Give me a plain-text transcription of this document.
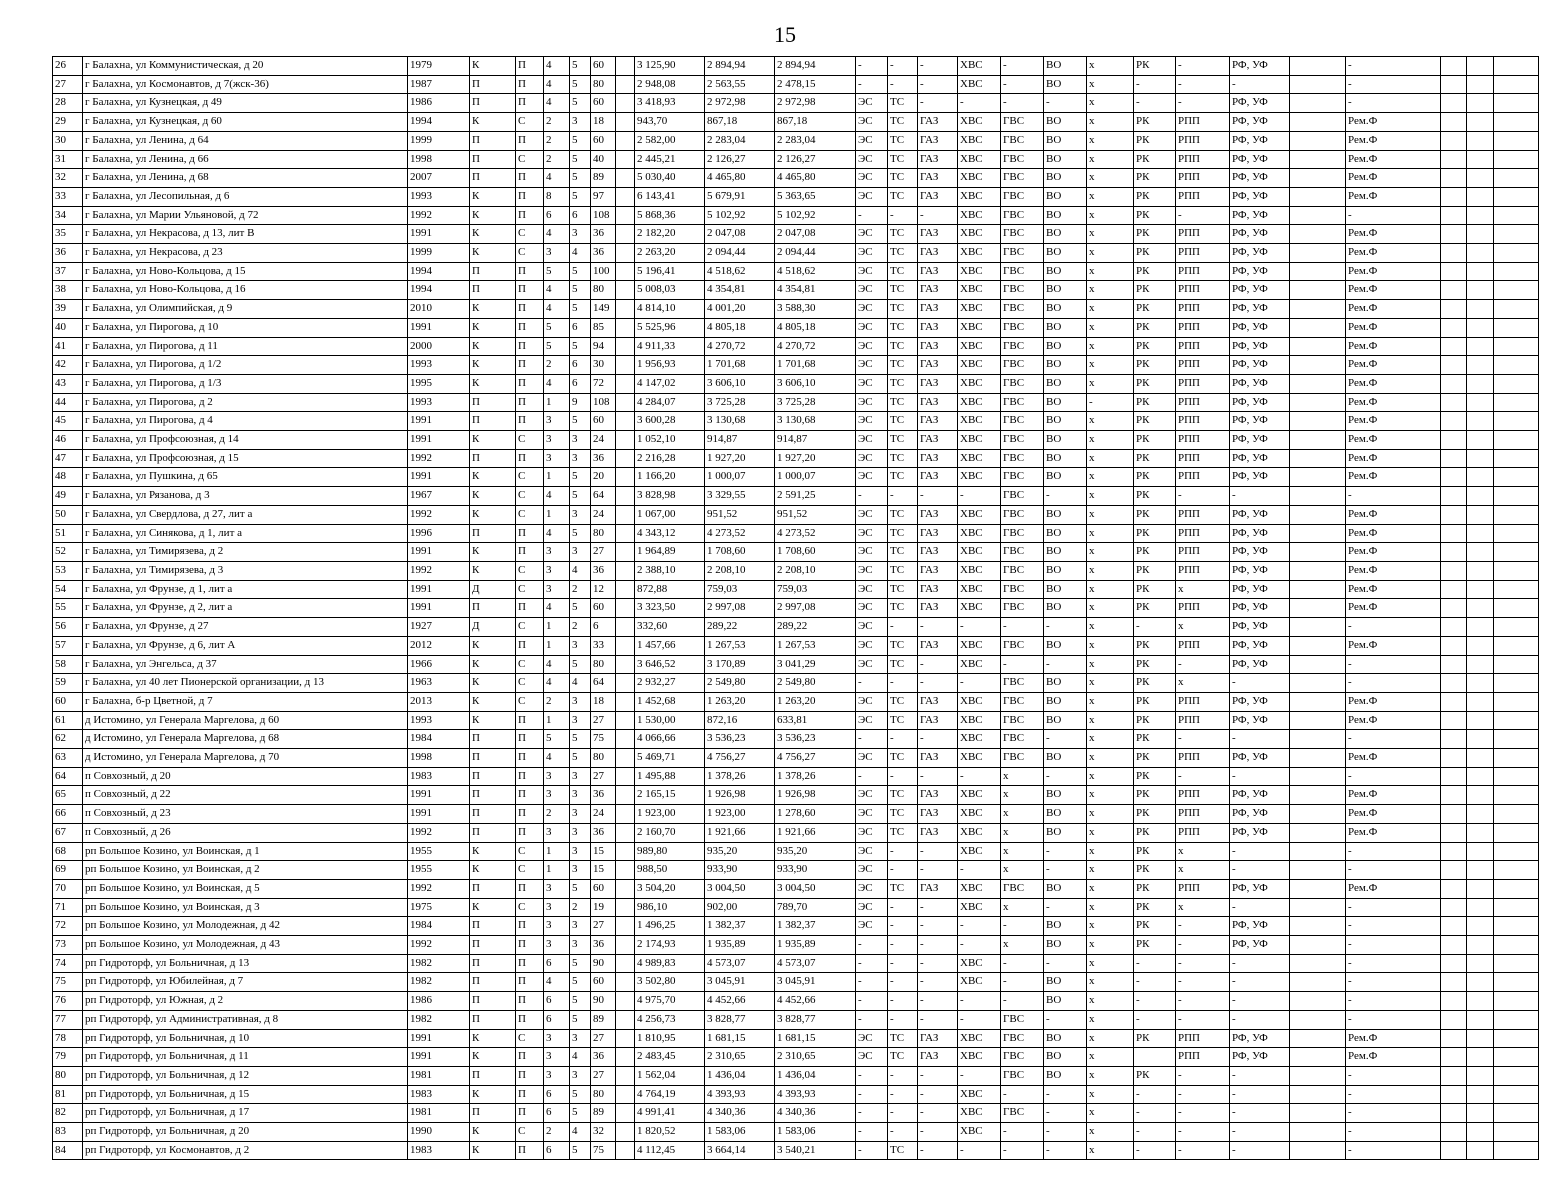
15
26	г Балахна, ул Коммунистическая, д 20	1979	К	П	4	5	60		3 125,90	2 894,94	2 894,94	-	-	-	ХВС	-	ВО	х	РК	-	РФ, УФ		-			
27	г Балахна, ул Космонавтов, д 7(жск-36)	1987	П	П	4	5	80		2 948,08	2 563,55	2 478,15	-	-	-	ХВС	-	ВО	х	-	-	-		-			
28	г Балахна, ул Кузнецкая, д 49	1986	П	П	4	5	60		3 418,93	2 972,98	2 972,98	ЭС	ТС	-	-	-	-	х	-	-	РФ, УФ		-			
29	г Балахна, ул Кузнецкая, д 60	1994	К	С	2	3	18		943,70	867,18	867,18	ЭС	ТС	ГАЗ	ХВС	ГВС	ВО	х	РК	РПП	РФ, УФ		Рем.Ф			
30	г Балахна, ул Ленина, д 64	1999	П	П	2	5	60		2 582,00	2 283,04	2 283,04	ЭС	ТС	ГАЗ	ХВС	ГВС	ВО	х	РК	РПП	РФ, УФ		Рем.Ф			
31	г Балахна, ул Ленина, д 66	1998	П	С	2	5	40		2 445,21	2 126,27	2 126,27	ЭС	ТС	ГАЗ	ХВС	ГВС	ВО	х	РК	РПП	РФ, УФ		Рем.Ф			
32	г Балахна, ул Ленина, д 68	2007	П	П	4	5	89		5 030,40	4 465,80	4 465,80	ЭС	ТС	ГАЗ	ХВС	ГВС	ВО	х	РК	РПП	РФ, УФ		Рем.Ф			
33	г Балахна, ул Лесопильная, д 6	1993	К	П	8	5	97		6 143,41	5 679,91	5 363,65	ЭС	ТС	ГАЗ	ХВС	ГВС	ВО	х	РК	РПП	РФ, УФ		Рем.Ф			
34	г Балахна, ул Марии Ульяновой, д 72	1992	К	П	6	6	108		5 868,36	5 102,92	5 102,92	-	-	-	ХВС	ГВС	ВО	х	РК	-	РФ, УФ		-			
35	г Балахна, ул Некрасова, д 13, лит В	1991	К	С	4	3	36		2 182,20	2 047,08	2 047,08	ЭС	ТС	ГАЗ	ХВС	ГВС	ВО	х	РК	РПП	РФ, УФ		Рем.Ф			
36	г Балахна, ул Некрасова, д 23	1999	К	С	3	4	36		2 263,20	2 094,44	2 094,44	ЭС	ТС	ГАЗ	ХВС	ГВС	ВО	х	РК	РПП	РФ, УФ		Рем.Ф			
37	г Балахна, ул Ново-Кольцова, д 15	1994	П	П	5	5	100		5 196,41	4 518,62	4 518,62	ЭС	ТС	ГАЗ	ХВС	ГВС	ВО	х	РК	РПП	РФ, УФ		Рем.Ф			
38	г Балахна, ул Ново-Кольцова, д 16	1994	П	П	4	5	80		5 008,03	4 354,81	4 354,81	ЭС	ТС	ГАЗ	ХВС	ГВС	ВО	х	РК	РПП	РФ, УФ		Рем.Ф			
39	г Балахна, ул Олимпийская, д 9	2010	К	П	4	5	149		4 814,10	4 001,20	3 588,30	ЭС	ТС	ГАЗ	ХВС	ГВС	ВО	х	РК	РПП	РФ, УФ		Рем.Ф			
40	г Балахна, ул Пирогова, д 10	1991	К	П	5	6	85		5 525,96	4 805,18	4 805,18	ЭС	ТС	ГАЗ	ХВС	ГВС	ВО	х	РК	РПП	РФ, УФ		Рем.Ф			
41	г Балахна, ул Пирогова, д 11	2000	К	П	5	5	94		4 911,33	4 270,72	4 270,72	ЭС	ТС	ГАЗ	ХВС	ГВС	ВО	х	РК	РПП	РФ, УФ		Рем.Ф			
42	г Балахна, ул Пирогова, д 1/2	1993	К	П	2	6	30		1 956,93	1 701,68	1 701,68	ЭС	ТС	ГАЗ	ХВС	ГВС	ВО	х	РК	РПП	РФ, УФ		Рем.Ф			
43	г Балахна, ул Пирогова, д 1/3	1995	К	П	4	6	72		4 147,02	3 606,10	3 606,10	ЭС	ТС	ГАЗ	ХВС	ГВС	ВО	х	РК	РПП	РФ, УФ		Рем.Ф			
44	г Балахна, ул Пирогова, д 2	1993	П	П	1	9	108		4 284,07	3 725,28	3 725,28	ЭС	ТС	ГАЗ	ХВС	ГВС	ВО	-	РК	РПП	РФ, УФ		Рем.Ф			
45	г Балахна, ул Пирогова, д 4	1991	П	П	3	5	60		3 600,28	3 130,68	3 130,68	ЭС	ТС	ГАЗ	ХВС	ГВС	ВО	х	РК	РПП	РФ, УФ		Рем.Ф			
46	г Балахна, ул Профсоюзная, д 14	1991	К	С	3	3	24		1 052,10	914,87	914,87	ЭС	ТС	ГАЗ	ХВС	ГВС	ВО	х	РК	РПП	РФ, УФ		Рем.Ф			
47	г Балахна, ул Профсоюзная, д 15	1992	П	П	3	3	36		2 216,28	1 927,20	1 927,20	ЭС	ТС	ГАЗ	ХВС	ГВС	ВО	х	РК	РПП	РФ, УФ		Рем.Ф			
48	г Балахна, ул Пушкина, д 65	1991	К	С	1	5	20		1 166,20	1 000,07	1 000,07	ЭС	ТС	ГАЗ	ХВС	ГВС	ВО	х	РК	РПП	РФ, УФ		Рем.Ф			
49	г Балахна, ул Рязанова, д 3	1967	К	С	4	5	64		3 828,98	3 329,55	2 591,25	-	-	-	-	ГВС	-	х	РК	-	-		-			
50	г Балахна, ул Свердлова, д 27, лит а	1992	К	С	1	3	24		1 067,00	951,52	951,52	ЭС	ТС	ГАЗ	ХВС	ГВС	ВО	х	РК	РПП	РФ, УФ		Рем.Ф			
51	г Балахна, ул Синякова, д 1, лит а	1996	П	П	4	5	80		4 343,12	4 273,52	4 273,52	ЭС	ТС	ГАЗ	ХВС	ГВС	ВО	х	РК	РПП	РФ, УФ		Рем.Ф			
52	г Балахна, ул Тимирязева, д 2	1991	К	П	3	3	27		1 964,89	1 708,60	1 708,60	ЭС	ТС	ГАЗ	ХВС	ГВС	ВО	х	РК	РПП	РФ, УФ		Рем.Ф			
53	г Балахна, ул Тимирязева, д 3	1992	К	С	3	4	36		2 388,10	2 208,10	2 208,10	ЭС	ТС	ГАЗ	ХВС	ГВС	ВО	х	РК	РПП	РФ, УФ		Рем.Ф			
54	г Балахна, ул Фрунзе, д 1, лит а	1991	Д	С	3	2	12		872,88	759,03	759,03	ЭС	ТС	ГАЗ	ХВС	ГВС	ВО	х	РК	х	РФ, УФ		Рем.Ф			
55	г Балахна, ул Фрунзе, д 2, лит а	1991	П	П	4	5	60		3 323,50	2 997,08	2 997,08	ЭС	ТС	ГАЗ	ХВС	ГВС	ВО	х	РК	РПП	РФ, УФ		Рем.Ф			
56	г Балахна, ул Фрунзе, д 27	1927	Д	С	1	2	6		332,60	289,22	289,22	ЭС	-	-	-	-	-	х	-	х	РФ, УФ		-			
57	г Балахна, ул Фрунзе, д 6, лит А	2012	К	П	1	3	33		1 457,66	1 267,53	1 267,53	ЭС	ТС	ГАЗ	ХВС	ГВС	ВО	х	РК	РПП	РФ, УФ		Рем.Ф			
58	г Балахна, ул Энгельса, д 37	1966	К	С	4	5	80		3 646,52	3 170,89	3 041,29	ЭС	ТС	-	ХВС	-	-	х	РК	-	РФ, УФ		-			
59	г Балахна, ул 40 лет Пионерской организации, д 13	1963	К	С	4	4	64		2 932,27	2 549,80	2 549,80	-	-	-	-	ГВС	ВО	х	РК	х	-		-			
60	г Балахна, б-р Цветной, д 7	2013	К	С	2	3	18		1 452,68	1 263,20	1 263,20	ЭС	ТС	ГАЗ	ХВС	ГВС	ВО	х	РК	РПП	РФ, УФ		Рем.Ф			
61	д Истомино, ул Генерала Маргелова, д 60	1993	К	П	1	3	27		1 530,00	872,16	633,81	ЭС	ТС	ГАЗ	ХВС	ГВС	ВО	х	РК	РПП	РФ, УФ		Рем.Ф			
62	д Истомино, ул Генерала Маргелова, д 68	1984	П	П	5	5	75		4 066,66	3 536,23	3 536,23	-	-	-	ХВС	ГВС	-	х	РК	-	-		-			
63	д Истомино, ул Генерала Маргелова, д 70	1998	П	П	4	5	80		5 469,71	4 756,27	4 756,27	ЭС	ТС	ГАЗ	ХВС	ГВС	ВО	х	РК	РПП	РФ, УФ		Рем.Ф			
64	п Совхозный, д 20	1983	П	П	3	3	27		1 495,88	1 378,26	1 378,26	-	-	-	-	х	-	х	РК	-	-		-			
65	п Совхозный, д 22	1991	П	П	3	3	36		2 165,15	1 926,98	1 926,98	ЭС	ТС	ГАЗ	ХВС	х	ВО	х	РК	РПП	РФ, УФ		Рем.Ф			
66	п Совхозный, д 23	1991	П	П	2	3	24		1 923,00	1 923,00	1 278,60	ЭС	ТС	ГАЗ	ХВС	х	ВО	х	РК	РПП	РФ, УФ		Рем.Ф			
67	п Совхозный, д 26	1992	П	П	3	3	36		2 160,70	1 921,66	1 921,66	ЭС	ТС	ГАЗ	ХВС	х	ВО	х	РК	РПП	РФ, УФ		Рем.Ф			
68	рп Большое Козино, ул Воинская, д 1	1955	К	С	1	3	15		989,80	935,20	935,20	ЭС	-	-	ХВС	х	-	х	РК	х	-		-			
69	рп Большое Козино, ул Воинская, д 2	1955	К	С	1	3	15		988,50	933,90	933,90	ЭС	-	-	-	х	-	х	РК	х	-		-			
70	рп Большое Козино, ул Воинская, д 5	1992	П	П	3	5	60		3 504,20	3 004,50	3 004,50	ЭС	ТС	ГАЗ	ХВС	ГВС	ВО	х	РК	РПП	РФ, УФ		Рем.Ф			
71	рп Большое Козино, ул Воинская, д 3	1975	К	С	3	2	19		986,10	902,00	789,70	ЭС	-	-	ХВС	х	-	х	РК	х	-		-			
72	рп Большое Козино, ул Молодежная, д 42	1984	П	П	3	3	27		1 496,25	1 382,37	1 382,37	ЭС	-	-	-	-	ВО	х	РК	-	РФ, УФ		-			
73	рп Большое Козино, ул Молодежная, д 43	1992	П	П	3	3	36		2 174,93	1 935,89	1 935,89	-	-	-	-	х	ВО	х	РК	-	РФ, УФ		-			
74	рп Гидроторф, ул Больничная, д 13	1982	П	П	6	5	90		4 989,83	4 573,07	4 573,07	-	-	-	ХВС	-	-	х	-	-	-		-			
75	рп Гидроторф, ул Юбилейная, д 7	1982	П	П	4	5	60		3 502,80	3 045,91	3 045,91	-	-	-	ХВС	-	ВО	х	-	-	-		-			
76	рп Гидроторф, ул Южная, д 2	1986	П	П	6	5	90		4 975,70	4 452,66	4 452,66	-	-	-	-	-	ВО	х	-	-	-		-			
77	рп Гидроторф, ул Административная, д 8	1982	П	П	6	5	89		4 256,73	3 828,77	3 828,77	-	-	-	-	ГВС	-	х	-	-	-		-			
78	рп Гидроторф, ул Больничная, д 10	1991	К	С	3	3	27		1 810,95	1 681,15	1 681,15	ЭС	ТС	ГАЗ	ХВС	ГВС	ВО	х	РК	РПП	РФ, УФ		Рем.Ф			
79	рп Гидроторф, ул Больничная, д 11	1991	К	П	3	4	36		2 483,45	2 310,65	2 310,65	ЭС	ТС	ГАЗ	ХВС	ГВС	ВО	х		РПП	РФ, УФ		Рем.Ф			
80	рп Гидроторф, ул Больничная, д 12	1981	П	П	3	3	27		1 562,04	1 436,04	1 436,04	-	-	-	-	ГВС	ВО	х	РК	-	-		-			
81	рп Гидроторф, ул Больничная, д 15	1983	К	П	6	5	80		4 764,19	4 393,93	4 393,93	-	-	-	ХВС	-	-	х	-	-	-		-			
82	рп Гидроторф, ул Больничная, д 17	1981	П	П	6	5	89		4 991,41	4 340,36	4 340,36	-	-	-	ХВС	ГВС	-	х	-	-	-		-			
83	рп Гидроторф, ул Больничная, д 20	1990	К	С	2	4	32		1 820,52	1 583,06	1 583,06	-	-	-	ХВС	-	-	х	-	-	-		-			
84	рп Гидроторф, ул Космонавтов, д 2	1983	К	П	6	5	75		4 112,45	3 664,14	3 540,21	-	ТС	-	-	-	-	х	-	-	-		-			
